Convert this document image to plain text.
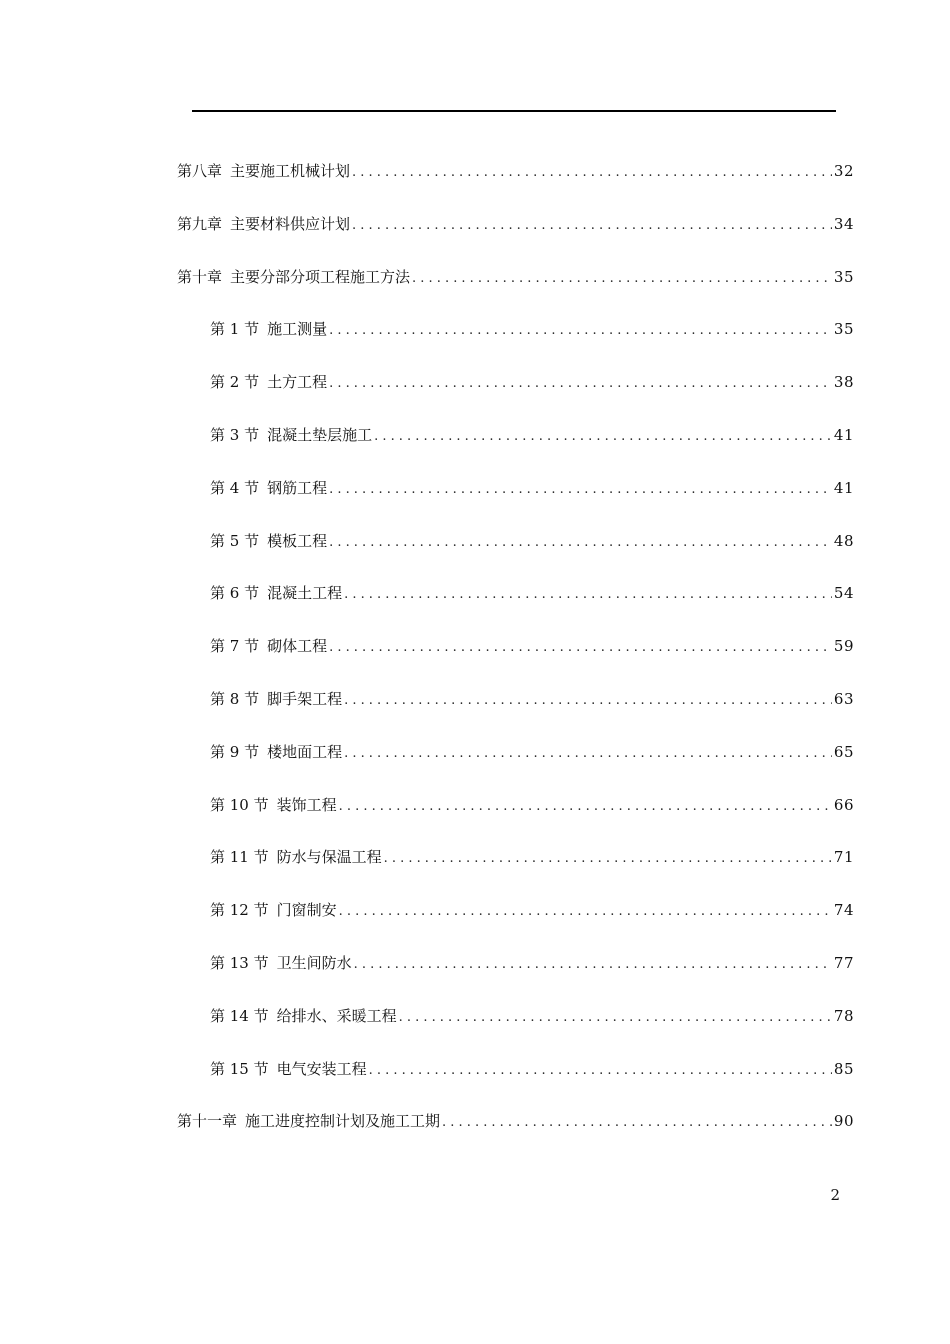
第八章 主要施工机械计划 .....	32
第九章 主要材料供应计划 .....	34
第十章 主要分部分项工程施工方法 .....	35
第 1 节 施工测量 .....	35
第 2 节 土方工程 .....	38
第 3 节 混凝土垫层施工 .....	41
第 4 节 钢筋工程 .....	41
第 5 节 模板工程 .....	48
第 6 节 混凝土工程 .....	54
第 7 节 砌体工程 .....	59
第 8 节 脚手架工程 .....	63
第 9 节 楼地面工程 .....	65
第 10 节 装饰工程 .....	66
第 11 节 防水与保温工程 .....	71
第 12 节 门窗制安 .....	74
第 13 节 卫生间防水 .....	77
第 14 节 给排水、采暖工程 .....	78
第 15 节 电气安装工程 .....	85
第十一章 施工进度控制计划及施工工期 .....	90
2
